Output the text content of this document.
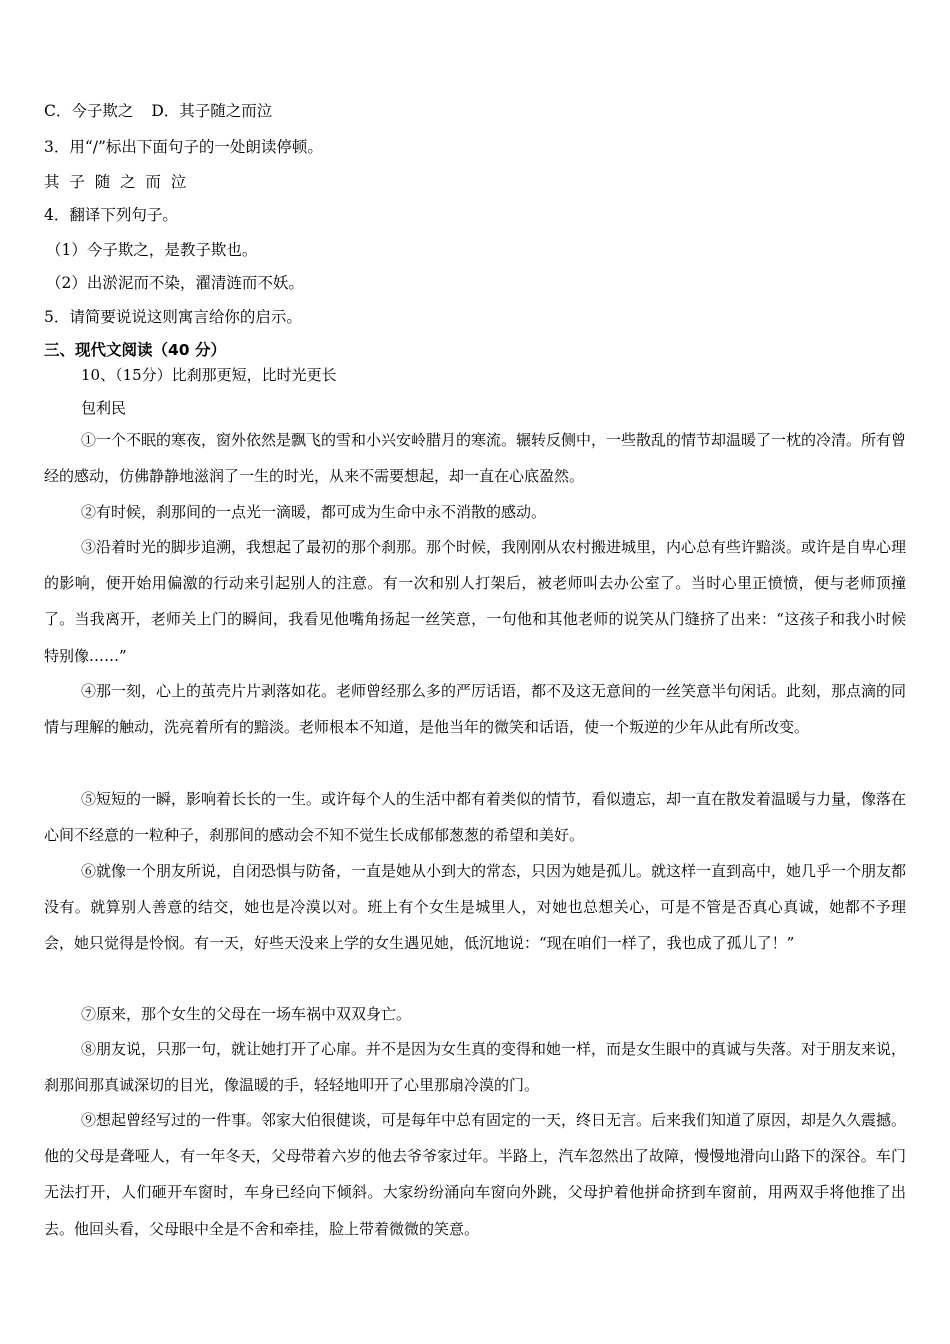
C．今子欺之 D．其子随之而泣
3．用“/”标出下面句子的一处朗读停顿。
其  子  随  之  而  泣
4．翻译下列句子。
（1）今子欺之，是教子欺也。
（2）出淤泥而不染，濯清涟而不妖。
5．请简要说说这则寓言给你的启示。
三、现代文阅读（40 分）
10、（15分）比刹那更短，比时光更长
包利民
①一个不眠的寒夜，窗外依然是飘飞的雪和小兴安岭腊月的寒流。辗转反侧中，一些散乱的情节却温暖了一枕的冷清。所有曾经的感动，仿佛静静地滋润了一生的时光，从来不需要想起，却一直在心底盈然。
②有时候，刹那间的一点光一滴暖，都可成为生命中永不消散的感动。
③沿着时光的脚步追溯，我想起了最初的那个刹那。那个时候，我刚刚从农村搬进城里，内心总有些许黯淡。或许是自卑心理的影响，便开始用偏激的行动来引起别人的注意。有一次和别人打架后，被老师叫去办公室了。当时心里正愤愤，便与老师顶撞了。当我离开，老师关上门的瞬间，我看见他嘴角扬起一丝笑意，一句他和其他老师的说笑从门缝挤了出来：“这孩子和我小时候特别像……”
④那一刻，心上的茧壳片片剥落如花。老师曾经那么多的严厉话语，都不及这无意间的一丝笑意半句闲话。此刻，那点滴的同情与理解的触动，洗亮着所有的黯淡。老师根本不知道，是他当年的微笑和话语，使一个叛逆的少年从此有所改变。
⑤短短的一瞬，影响着长长的一生。或许每个人的生活中都有着类似的情节，看似遗忘，却一直在散发着温暖与力量，像落在心间不经意的一粒种子，刹那间的感动会不知不觉生长成郁郁葱葱的希望和美好。
⑥就像一个朋友所说，自闭恐惧与防备，一直是她从小到大的常态，只因为她是孤儿。就这样一直到高中，她几乎一个朋友都没有。就算别人善意的结交，她也是冷漠以对。班上有个女生是城里人，对她也总想关心，可是不管是否真心真诚，她都不予理会，她只觉得是怜悯。有一天，好些天没来上学的女生遇见她，低沉地说：“现在咱们一样了，我也成了孤儿了！”
⑦原来，那个女生的父母在一场车祸中双双身亡。
⑧朋友说，只那一句，就让她打开了心扉。并不是因为女生真的变得和她一样，而是女生眼中的真诚与失落。对于朋友来说，刹那间那真诚深切的目光，像温暖的手，轻轻地叩开了心里那扇冷漠的门。
⑨想起曾经写过的一件事。邻家大伯很健谈，可是每年中总有固定的一天，终日无言。后来我们知道了原因，却是久久震撼。他的父母是聋哑人，有一年冬天，父母带着六岁的他去爷爷家过年。半路上，汽车忽然出了故障，慢慢地滑向山路下的深谷。车门无法打开，人们砸开车窗时，车身已经向下倾斜。大家纷纷涌向车窗向外跳，父母护着他拼命挤到车窗前，用两双手将他推了出去。他回头看，父母眼中全是不舍和牵挂，脸上带着微微的笑意。
